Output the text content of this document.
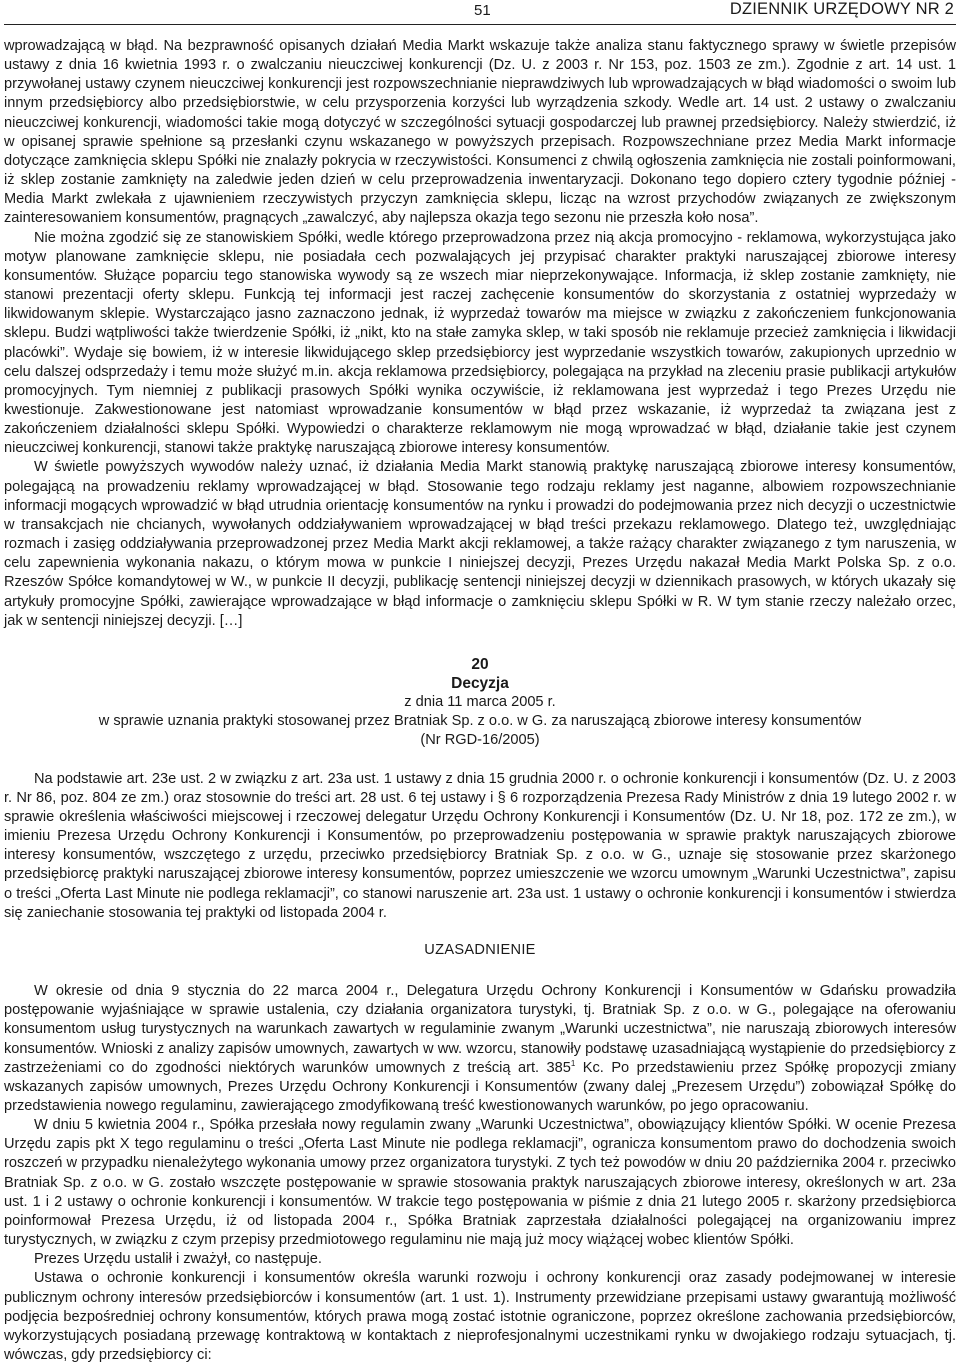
51	DZIENNIK URZĘDOWY NR 2

wprowadzającą w błąd. Na bezprawność opisanych działań Media Markt wskazuje także analiza stanu faktycznego sprawy w świetle przepisów ustawy z dnia 16 kwietnia 1993 r. o zwalczaniu nieuczciwej konkurencji (Dz. U. z 2003 r. Nr 153, poz. 1503 ze zm.). Zgodnie z art. 14 ust. 1 przywołanej ustawy czynem nieuczciwej konkurencji jest rozpowszechnianie nieprawdziwych lub wprowadzających w błąd wiadomości o swoim lub innym przedsiębiorcy albo przedsiębiorstwie, w celu przysporzenia korzyści lub wyrządzenia szkody. Wedle art. 14 ust. 2 ustawy o zwalczaniu nieuczciwej konkurencji, wiadomości takie mogą dotyczyć w szczególności sytuacji gospodarczej lub prawnej przedsiębiorcy. Należy stwierdzić, iż w opisanej sprawie spełnione są przesłanki czynu wskazanego w powyższych przepisach. Rozpowszechniane przez Media Markt informacje dotyczące zamknięcia sklepu Spółki nie znalazły pokrycia w rzeczywistości. Konsumenci z chwilą ogłoszenia zamknięcia nie zostali poinformowani, iż sklep zostanie zamknięty na zaledwie jeden dzień w celu przeprowadzenia inwentaryzacji. Dokonano tego dopiero cztery tygodnie później - Media Markt zwlekała z ujawnieniem rzeczywistych przyczyn zamknięcia sklepu, licząc na wzrost przychodów związanych ze zwiększonym zainteresowaniem konsumentów, pragnących „zawalczyć, aby najlepsza okazja tego sezonu nie przeszła koło nosa”.

Nie można zgodzić się ze stanowiskiem Spółki, wedle którego przeprowadzona przez nią akcja promocyjno - reklamowa, wykorzystująca jako motyw planowane zamknięcie sklepu, nie posiadała cech pozwalających jej przypisać charakter praktyki naruszającej zbiorowe interesy konsumentów. Służące poparciu tego stanowiska wywody są ze wszech miar nieprzekonywające. Informacja, iż sklep zostanie zamknięty, nie stanowi prezentacji oferty sklepu. Funkcją tej informacji jest raczej zachęcenie konsumentów do skorzystania z ostatniej wyprzedaży w likwidowanym sklepie. Wystarczająco jasno zaznaczono jednak, iż wyprzedaż towarów ma miejsce w związku z zakończeniem funkcjonowania sklepu. Budzi wątpliwości także twierdzenie Spółki, iż „nikt, kto na stałe zamyka sklep, w taki sposób nie reklamuje przecież zamknięcia i likwidacji placówki”. Wydaje się bowiem, iż w interesie likwidującego sklep przedsiębiorcy jest wyprzedanie wszystkich towarów, zakupionych uprzednio w celu dalszej odsprzedaży i temu może służyć m.in. akcja reklamowa przedsiębiorcy, polegająca na przykład na zleceniu prasie publikacji artykułów promocyjnych. Tym niemniej z publikacji prasowych Spółki wynika oczywiście, iż reklamowana jest wyprzedaż i tego Prezes Urzędu nie kwestionuje. Zakwestionowane jest natomiast wprowadzanie konsumentów w błąd przez wskazanie, iż wyprzedaż ta związana jest z zakończeniem działalności sklepu Spółki. Wypowiedzi o charakterze reklamowym nie mogą wprowadzać w błąd, działanie takie jest czynem nieuczciwej konkurencji, stanowi także praktykę naruszającą zbiorowe interesy konsumentów.

W świetle powyższych wywodów należy uznać, iż działania Media Markt stanowią praktykę naruszającą zbiorowe interesy konsumentów, polegającą na prowadzeniu reklamy wprowadzającej w błąd. Stosowanie tego rodzaju reklamy jest naganne, albowiem rozpowszechnianie informacji mogących wprowadzić w błąd utrudnia orientację konsumentów na rynku i prowadzi do podejmowania przez nich decyzji o uczestnictwie w transakcjach nie chcianych, wywołanych oddziaływaniem wprowadzającej w błąd treści przekazu reklamowego. Dlatego też, uwzględniając rozmach i zasięg oddziaływania przeprowadzonej przez Media Markt akcji reklamowej, a także rażący charakter związanego z tym naruszenia, w celu zapewnienia wykonania nakazu, o którym mowa w punkcie I niniejszej decyzji, Prezes Urzędu nakazał Media Markt Polska Sp. z o.o. Rzeszów Spółce komandytowej w W., w punkcie II decyzji, publikację sentencji niniejszej decyzji w dziennikach prasowych, w których ukazały się artykuły promocyjne Spółki, zawierające wprowadzające w błąd informacje o zamknięciu sklepu Spółki w R. W tym stanie rzeczy należało orzec, jak w sentencji niniejszej decyzji. […]

20
Decyzja
z dnia 11 marca 2005 r.
w sprawie uznania praktyki stosowanej przez Bratniak Sp. z o.o. w G. za naruszającą zbiorowe interesy konsumentów
(Nr RGD-16/2005)

Na podstawie art. 23e ust. 2 w związku z art. 23a ust. 1 ustawy z dnia 15 grudnia 2000 r. o ochronie konkurencji i konsumentów (Dz. U. z 2003 r. Nr 86, poz. 804 ze zm.) oraz stosownie do treści art. 28 ust. 6 tej ustawy i § 6 rozporządzenia Prezesa Rady Ministrów z dnia 19 lutego 2002 r. w sprawie określenia właściwości miejscowej i rzeczowej delegatur Urzędu Ochrony Konkurencji i Konsumentów (Dz. U. Nr 18, poz. 172 ze zm.), w imieniu Prezesa Urzędu Ochrony Konkurencji i Konsumentów, po przeprowadzeniu postępowania w sprawie praktyk naruszających zbiorowe interesy konsumentów, wszczętego z urzędu, przeciwko przedsiębiorcy Bratniak Sp. z o.o. w G., uznaje się stosowanie przez skarżonego przedsiębiorcę praktyki naruszającej zbiorowe interesy konsumentów, poprzez umieszczenie we wzorcu umownym „Warunki Uczestnictwa”, zapisu o treści „Oferta Last Minute nie podlega reklamacji”, co stanowi naruszenie art. 23a ust. 1 ustawy o ochronie konkurencji i konsumentów i stwierdza się zaniechanie stosowania tej praktyki od listopada 2004 r.

UZASADNIENIE

W okresie od dnia 9 stycznia do 22 marca 2004 r., Delegatura Urzędu Ochrony Konkurencji i Konsumentów w Gdańsku prowadziła postępowanie wyjaśniające w sprawie ustalenia, czy działania organizatora turystyki, tj. Bratniak Sp. z o.o. w G., polegające na oferowaniu konsumentom usług turystycznych na warunkach zawartych w regulaminie zwanym „Warunki uczestnictwa”, nie naruszają zbiorowych interesów konsumentów. Wnioski z analizy zapisów umownych, zawartych w ww. wzorcu, stanowiły podstawę uzasadniającą wystąpienie do przedsiębiorcy z zastrzeżeniami co do zgodności niektórych warunków umownych z treścią art. $385^1$ Kc. Po przedstawieniu przez Spółkę propozycji zmiany wskazanych zapisów umownych, Prezes Urzędu Ochrony Konkurencji i Konsumentów (zwany dalej „Prezesem Urzędu”) zobowiązał Spółkę do przedstawienia nowego regulaminu, zawierającego zmodyfikowaną treść kwestionowanych warunków, po jego opracowaniu.

W dniu 5 kwietnia 2004 r., Spółka przesłała nowy regulamin zwany „Warunki Uczestnictwa”, obowiązujący klientów Spółki. W ocenie Prezesa Urzędu zapis pkt X tego regulaminu o treści „Oferta Last Minute nie podlega reklamacji”, ogranicza konsumentom prawo do dochodzenia swoich roszczeń w przypadku nienależytego wykonania umowy przez organizatora turystyki. Z tych też powodów w dniu 20 października 2004 r. przeciwko Bratniak Sp. z o.o. w G. zostało wszczęte postępowanie w sprawie stosowania praktyk naruszających zbiorowe interesy, określonych w art. 23a ust. 1 i 2 ustawy o ochronie konkurencji i konsumentów. W trakcie tego postępowania w piśmie z dnia 21 lutego 2005 r. skarżony przedsiębiorca poinformował Prezesa Urzędu, iż od listopada 2004 r., Spółka Bratniak zaprzestała działalności polegającej na organizowaniu imprez turystycznych, w związku z czym przepisy przedmiotowego regulaminu nie mają już mocy wiążącej wobec klientów Spółki.

Prezes Urzędu ustalił i zważył, co następuje.

Ustawa o ochronie konkurencji i konsumentów określa warunki rozwoju i ochrony konkurencji oraz zasady podejmowanej w interesie publicznym ochrony interesów przedsiębiorców i konsumentów (art. 1 ust. 1). Instrumenty przewidziane przepisami ustawy gwarantują możliwość podjęcia bezpośredniej ochrony konsumentów, których prawa mogą zostać istotnie ograniczone, poprzez określone zachowania przedsiębiorców, wykorzystujących posiadaną przewagę kontraktową w kontaktach z nieprofesjonalnymi uczestnikami rynku w dwojakiego rodzaju sytuacjach, tj. wówczas, gdy przedsiębiorcy ci:
